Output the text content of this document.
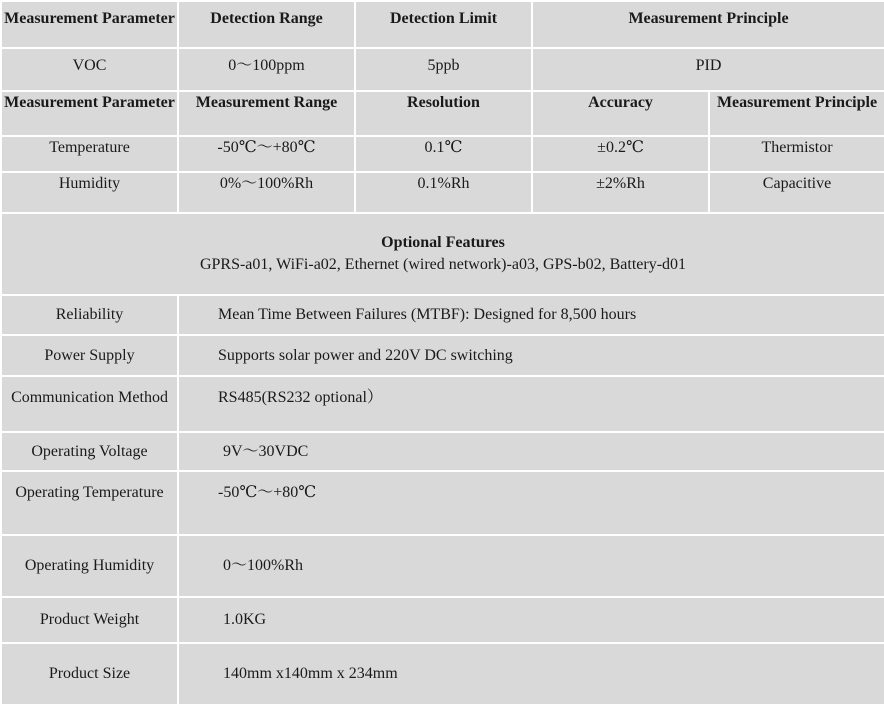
Measurement Parameter	Detection Range	Detection Limit	Measurement Principle	
VOC	0～100ppm	5ppb	PID	
Measurement Parameter	Measurement Range	Resolution	Accuracy	Measurement Principle
Temperature	-50℃～+80℃	0.1℃	±0.2℃	Thermistor
Humidity	0%～100%Rh	0.1%Rh	±2%Rh	Capacitive

Optional Features
GPRS-a01, WiFi-a02, Ethernet (wired network)-a03, GPS-b02, Battery-d01				

Reliability	Mean Time Between Failures (MTBF): Designed for 8,500 hours			
Power Supply	Supports solar power and 220V DC switching			
Communication Method	RS485(RS232 optional）			
Operating Voltage	9V～30VDC			
Operating Temperature	-50℃～+80℃			
Operating Humidity	0～100%Rh			
Product Weight	1.0KG			
Product Size	140mm x140mm x 234mm			
